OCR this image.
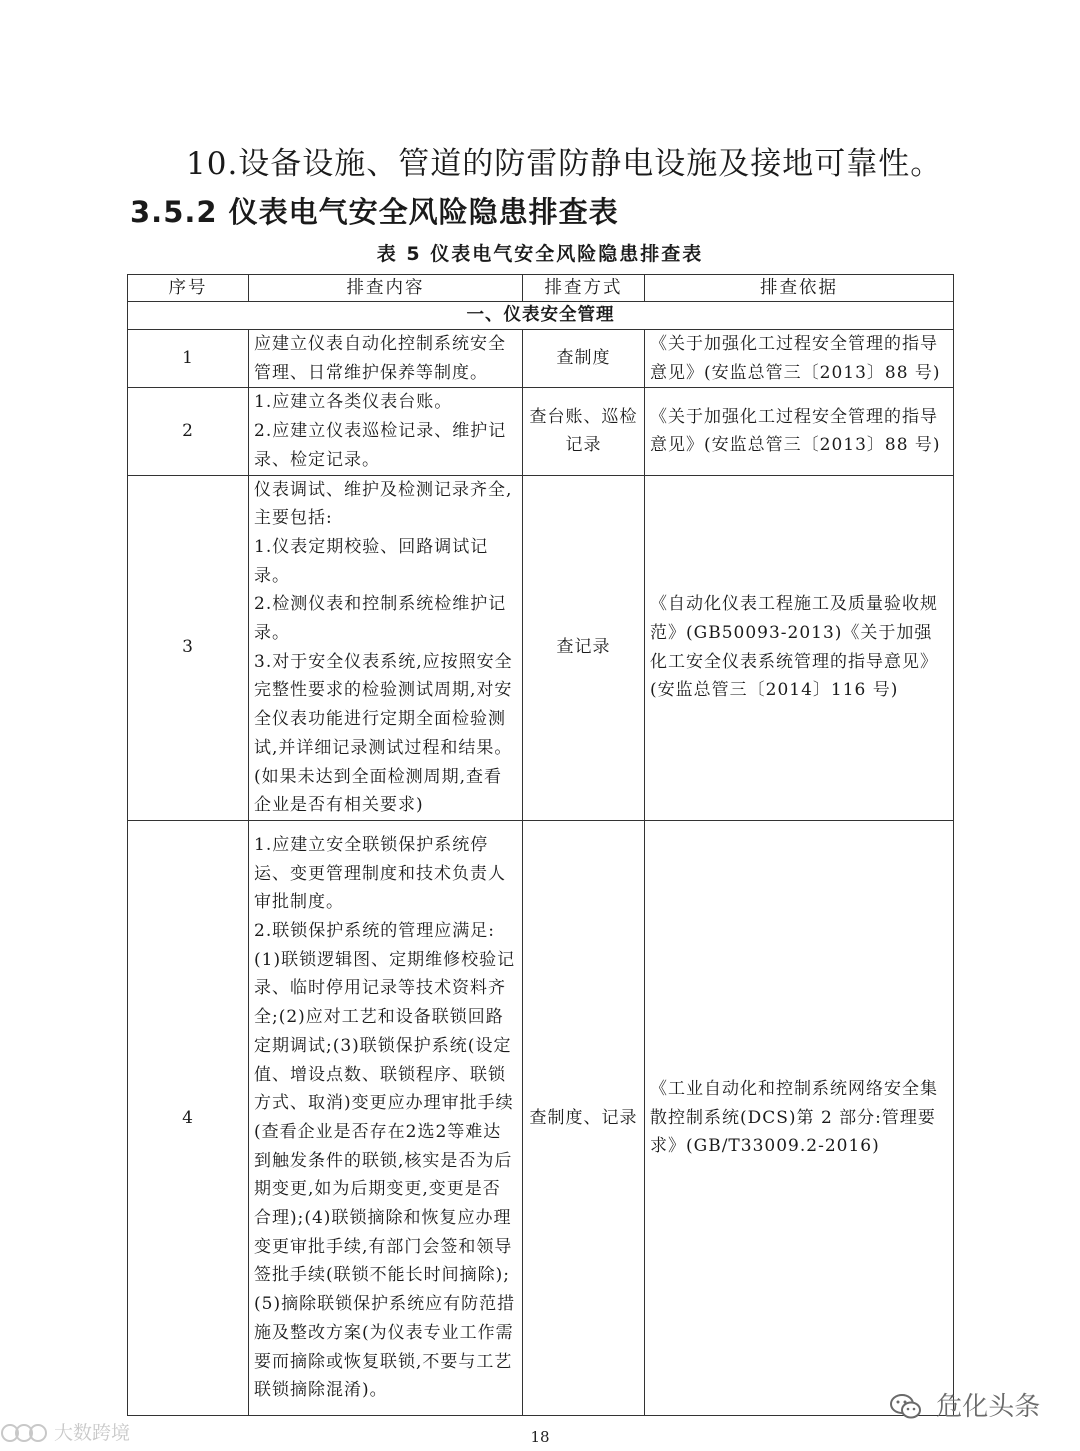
10.设备设施、管道的防雷防静电设施及接地可靠性。
3.5.2 仪表电气安全风险隐患排查表
表 5 仪表电气安全风险隐患排查表
序号	排查内容	排查方式	排查依据
一、仪表安全管理			
1	应建立仪表自动化控制系统安全管理、日常维护保养等制度。	查制度	《关于加强化工过程安全管理的指导意见》(安监总管三〔2013〕88 号)

2	1.应建立各类仪表台账。
2.应建立仪表巡检记录、维护记录、检定记录。	查台账、巡检记录	《关于加强化工过程安全管理的指导意见》(安监总管三〔2013〕88 号)

3	仪表调试、维护及检测记录齐全,主要包括:
1.仪表定期校验、回路调试记录。
2.检测仪表和控制系统检维护记录。
3.对于安全仪表系统,应按照安全完整性要求的检验测试周期,对安全仪表功能进行定期全面检验测试,并详细记录测试过程和结果。(如果未达到全面检测周期,查看企业是否有相关要求)	查记录	《自动化仪表工程施工及质量验收规范》(GB50093-2013)《关于加强化工安全仪表系统管理的指导意见》(安监总管三〔2014〕116 号)

4	1.应建立安全联锁保护系统停运、变更管理制度和技术负责人审批制度。
2.联锁保护系统的管理应满足:
(1)联锁逻辑图、定期维修校验记录、临时停用记录等技术资料齐全;(2)应对工艺和设备联锁回路定期调试;(3)联锁保护系统(设定值、增设点数、联锁程序、联锁方式、取消)变更应办理审批手续(查看企业是否存在2选2等难达到触发条件的联锁,核实是否为后期变更,如为后期变更,变更是否合理);(4)联锁摘除和恢复应办理变更审批手续,有部门会签和领导签批手续(联锁不能长时间摘除);(5)摘除联锁保护系统应有防范措施及整改方案(为仪表专业工作需要而摘除或恢复联锁,不要与工艺联锁摘除混淆)。	查制度、记录	《工业自动化和控制系统网络安全集散控制系统(DCS)第 2 部分:管理要求》(GB/T33009.2-2016)
大数跨境
危化头条
18
